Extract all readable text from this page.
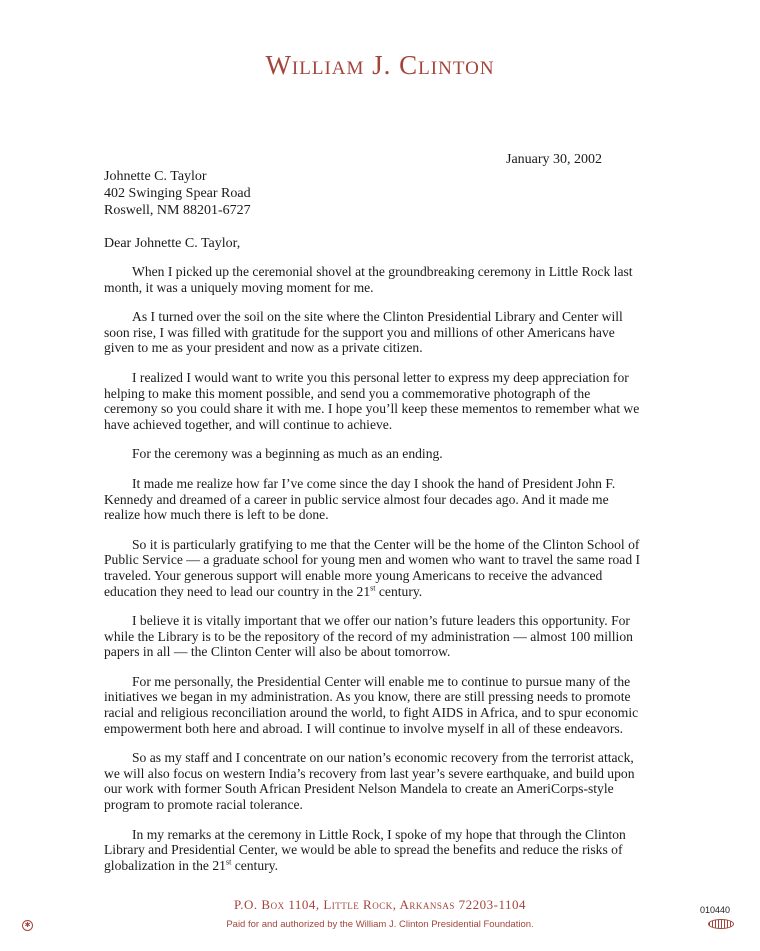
William J. Clinton
January 30, 2002
Johnette C. Taylor
402 Swinging Spear Road
Roswell, NM 88201-6727
Dear Johnette C. Taylor,

When I picked up the ceremonial shovel at the groundbreaking ceremony in Little Rock last month, it was a uniquely moving moment for me.

As I turned over the soil on the site where the Clinton Presidential Library and Center will soon rise, I was filled with gratitude for the support you and millions of other Americans have given to me as your president and now as a private citizen.

I realized I would want to write you this personal letter to express my deep appreciation for helping to make this moment possible, and send you a commemorative photograph of the ceremony so you could share it with me. I hope you’ll keep these mementos to remember what we have achieved together, and will continue to achieve.

For the ceremony was a beginning as much as an ending.

It made me realize how far I’ve come since the day I shook the hand of President John F. Kennedy and dreamed of a career in public service almost four decades ago. And it made me realize how much there is left to be done.

So it is particularly gratifying to me that the Center will be the home of the Clinton School of Public Service — a graduate school for young men and women who want to travel the same road I traveled. Your generous support will enable more young Americans to receive the advanced education they need to lead our country in the 21st century.

I believe it is vitally important that we offer our nation’s future leaders this opportunity. For while the Library is to be the repository of the record of my administration — almost 100 million papers in all — the Clinton Center will also be about tomorrow.

For me personally, the Presidential Center will enable me to continue to pursue many of the initiatives we began in my administration. As you know, there are still pressing needs to promote racial and religious reconciliation around the world, to fight AIDS in Africa, and to spur economic empowerment both here and abroad. I will continue to involve myself in all of these endeavors.

So as my staff and I concentrate on our nation’s economic recovery from the terrorist attack, we will also focus on western India’s recovery from last year’s severe earthquake, and build upon our work with former South African President Nelson Mandela to create an AmeriCorps-style program to promote racial tolerance.

In my remarks at the ceremony in Little Rock, I spoke of my hope that through the Clinton Library and Presidential Center, we would be able to spread the benefits and reduce the risks of globalization in the 21st century.

P.O. Box 1104, Little Rock, Arkansas 72203-1104
Paid for and authorized by the William J. Clinton Presidential Foundation.
010440
✱
